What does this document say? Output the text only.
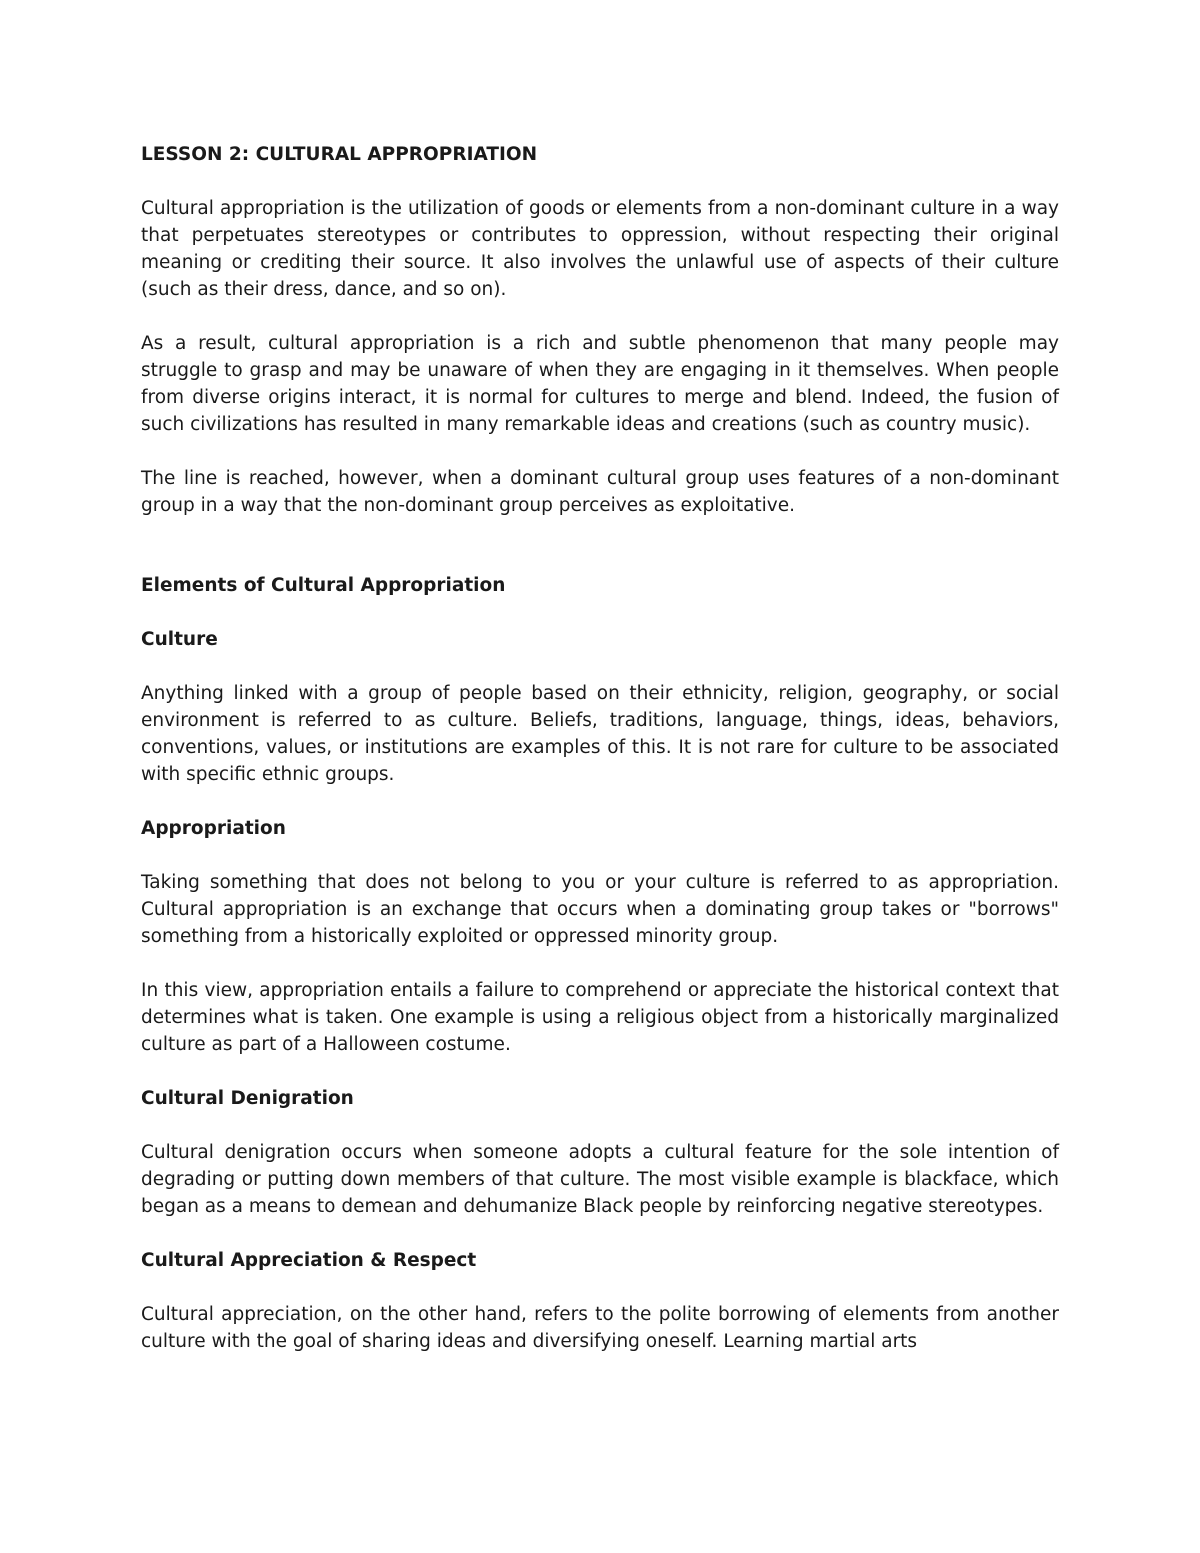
LESSON 2: CULTURAL APPROPRIATION

Cultural appropriation is the utilization of goods or elements from a non-dominant culture in a way that perpetuates stereotypes or contributes to oppression, without respecting their original meaning or crediting their source. It also involves the unlawful use of aspects of their culture (such as their dress, dance, and so on).

As a result, cultural appropriation is a rich and subtle phenomenon that many people may struggle to grasp and may be unaware of when they are engaging in it themselves. When people from diverse origins interact, it is normal for cultures to merge and blend. Indeed, the fusion of such civilizations has resulted in many remarkable ideas and creations (such as country music).

The line is reached, however, when a dominant cultural group uses features of a non-dominant group in a way that the non-dominant group perceives as exploitative.

Elements of Cultural Appropriation
Culture

Anything linked with a group of people based on their ethnicity, religion, geography, or social environment is referred to as culture. Beliefs, traditions, language, things, ideas, behaviors, conventions, values, or institutions are examples of this. It is not rare for culture to be associated with specific ethnic groups.

Appropriation

Taking something that does not belong to you or your culture is referred to as appropriation. Cultural appropriation is an exchange that occurs when a dominating group takes or "borrows" something from a historically exploited or oppressed minority group.

In this view, appropriation entails a failure to comprehend or appreciate the historical context that determines what is taken. One example is using a religious object from a historically marginalized culture as part of a Halloween costume.

Cultural Denigration

Cultural denigration occurs when someone adopts a cultural feature for the sole intention of degrading or putting down members of that culture. The most visible example is blackface, which began as a means to demean and dehumanize Black people by reinforcing negative stereotypes.

Cultural Appreciation & Respect

Cultural appreciation, on the other hand, refers to the polite borrowing of elements from another culture with the goal of sharing ideas and diversifying oneself. Learning martial arts
